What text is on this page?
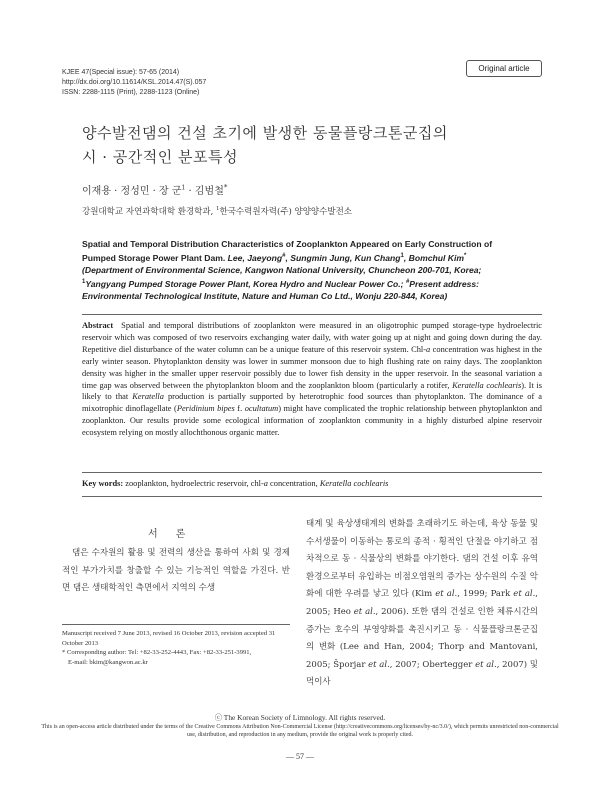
KJEE 47(Special issue): 57-65 (2014)
http://dx.doi.org/10.11614/KSL.2014.47(S).057
ISSN: 2288-1115 (Print), 2288-1123 (Online)
Original article
양수발전댐의 건설 초기에 발생한 동물플랑크톤군집의
시 · 공간적인 분포특성
이재용 · 정성민 · 장 군$^1$ · 김범철*
강원대학교 자연과학대학 환경학과, $^1$한국수력원자력(주) 양양양수발전소
Spatial and Temporal Distribution Characteristics of Zooplankton Appeared on Early Construction of
Pumped Storage Power Plant Dam. Lee, Jaeyong#, Sungmin Jung, Kun Chang$^1$, Bomchul Kim*
(Department of Environmental Science, Kangwon National University, Chuncheon 200-701, Korea;
$^1$Yangyang Pumped Storage Power Plant, Korea Hydro and Nuclear Power Co.; #Present address:
Environmental Technological Institute, Nature and Human Co Ltd., Wonju 220-844, Korea)
Abstract Spatial and temporal distributions of zooplankton were measured in an oligotrophic pumped storage-type hydroelectric reservoir which was composed of two reservoirs exchanging water daily, with water going up at night and going down during the day. Repetitive diel disturbance of the water column can be a unique feature of this reservoir system. Chl-a concentration was highest in the early winter season. Phytoplankton density was lower in summer monsoon due to high flushing rate on rainy days. The zooplankton density was higher in the smaller upper reservoir possibly due to lower fish density in the upper reservoir. In the seasonal variation a time gap was observed between the phytoplankton bloom and the zooplankton bloom (particularly a rotifer, Keratella cochlearis). It is likely to that Keratella production is partially supported by heterotrophic food sources than phytoplankton. The dominance of a mixotrophic dinoflagellate (Peridinium bipes f. ocultatum) might have complicated the trophic relationship between phytoplankton and zooplankton. Our results provide some ecological information of zooplankton community in a highly disturbed alpine reservoir ecosystem relying on mostly allochthonous organic matter.
Key words: zooplankton, hydroelectric reservoir, chl-a concentration, Keratella cochlearis
서론
댐은 수자원의 활용 및 전력의 생산을 통하여 사회 및 경제적인 부가가치를 창출할 수 있는 기능적인 역할을 가진다. 반면 댐은 생태학적인 측면에서 지역의 수생
태계 및 육상생태계의 변화를 초래하기도 하는데, 육상 동물 및 수서생물이 이동하는 통로의 종적 · 횡적인 단절을 야기하고 점차적으로 동 · 식물상의 변화를 야기한다. 댐의 건설 이후 유역환경으로부터 유입하는 비점오염원의 증가는 상수원의 수질 악화에 대한 우려를 낳고 있다 (Kim et al., 1999; Park et al., 2005; Heo et al., 2006). 또한 댐의 건설로 인한 체류시간의 증가는 호수의 부영양화를 촉진시키고 동 · 식물플랑크톤군집의 변화 (Lee and Han, 2004; Thorp and Mantovani, 2005; Šporjar et al., 2007; Obertegger et al., 2007) 및 먹이사
Manuscript received 7 June 2013, revised 16 October 2013, revision accepted 31 October 2013
* Corresponding author: Tel: +82-33-252-4443, Fax: +82-33-251-3991,
E-mail: bkim@kangwon.ac.kr
ⓒ The Korean Society of Limnology. All rights reserved.
This is an open-access article distributed under the terms of the Creative Commons Attribution Non-Commercial License (http://creativecommons.org/licenses/by-nc/3.0/), which permits unrestricted non-commercial use, distribution, and reproduction in any medium, provide the original work is properly cited.
— 57 —
